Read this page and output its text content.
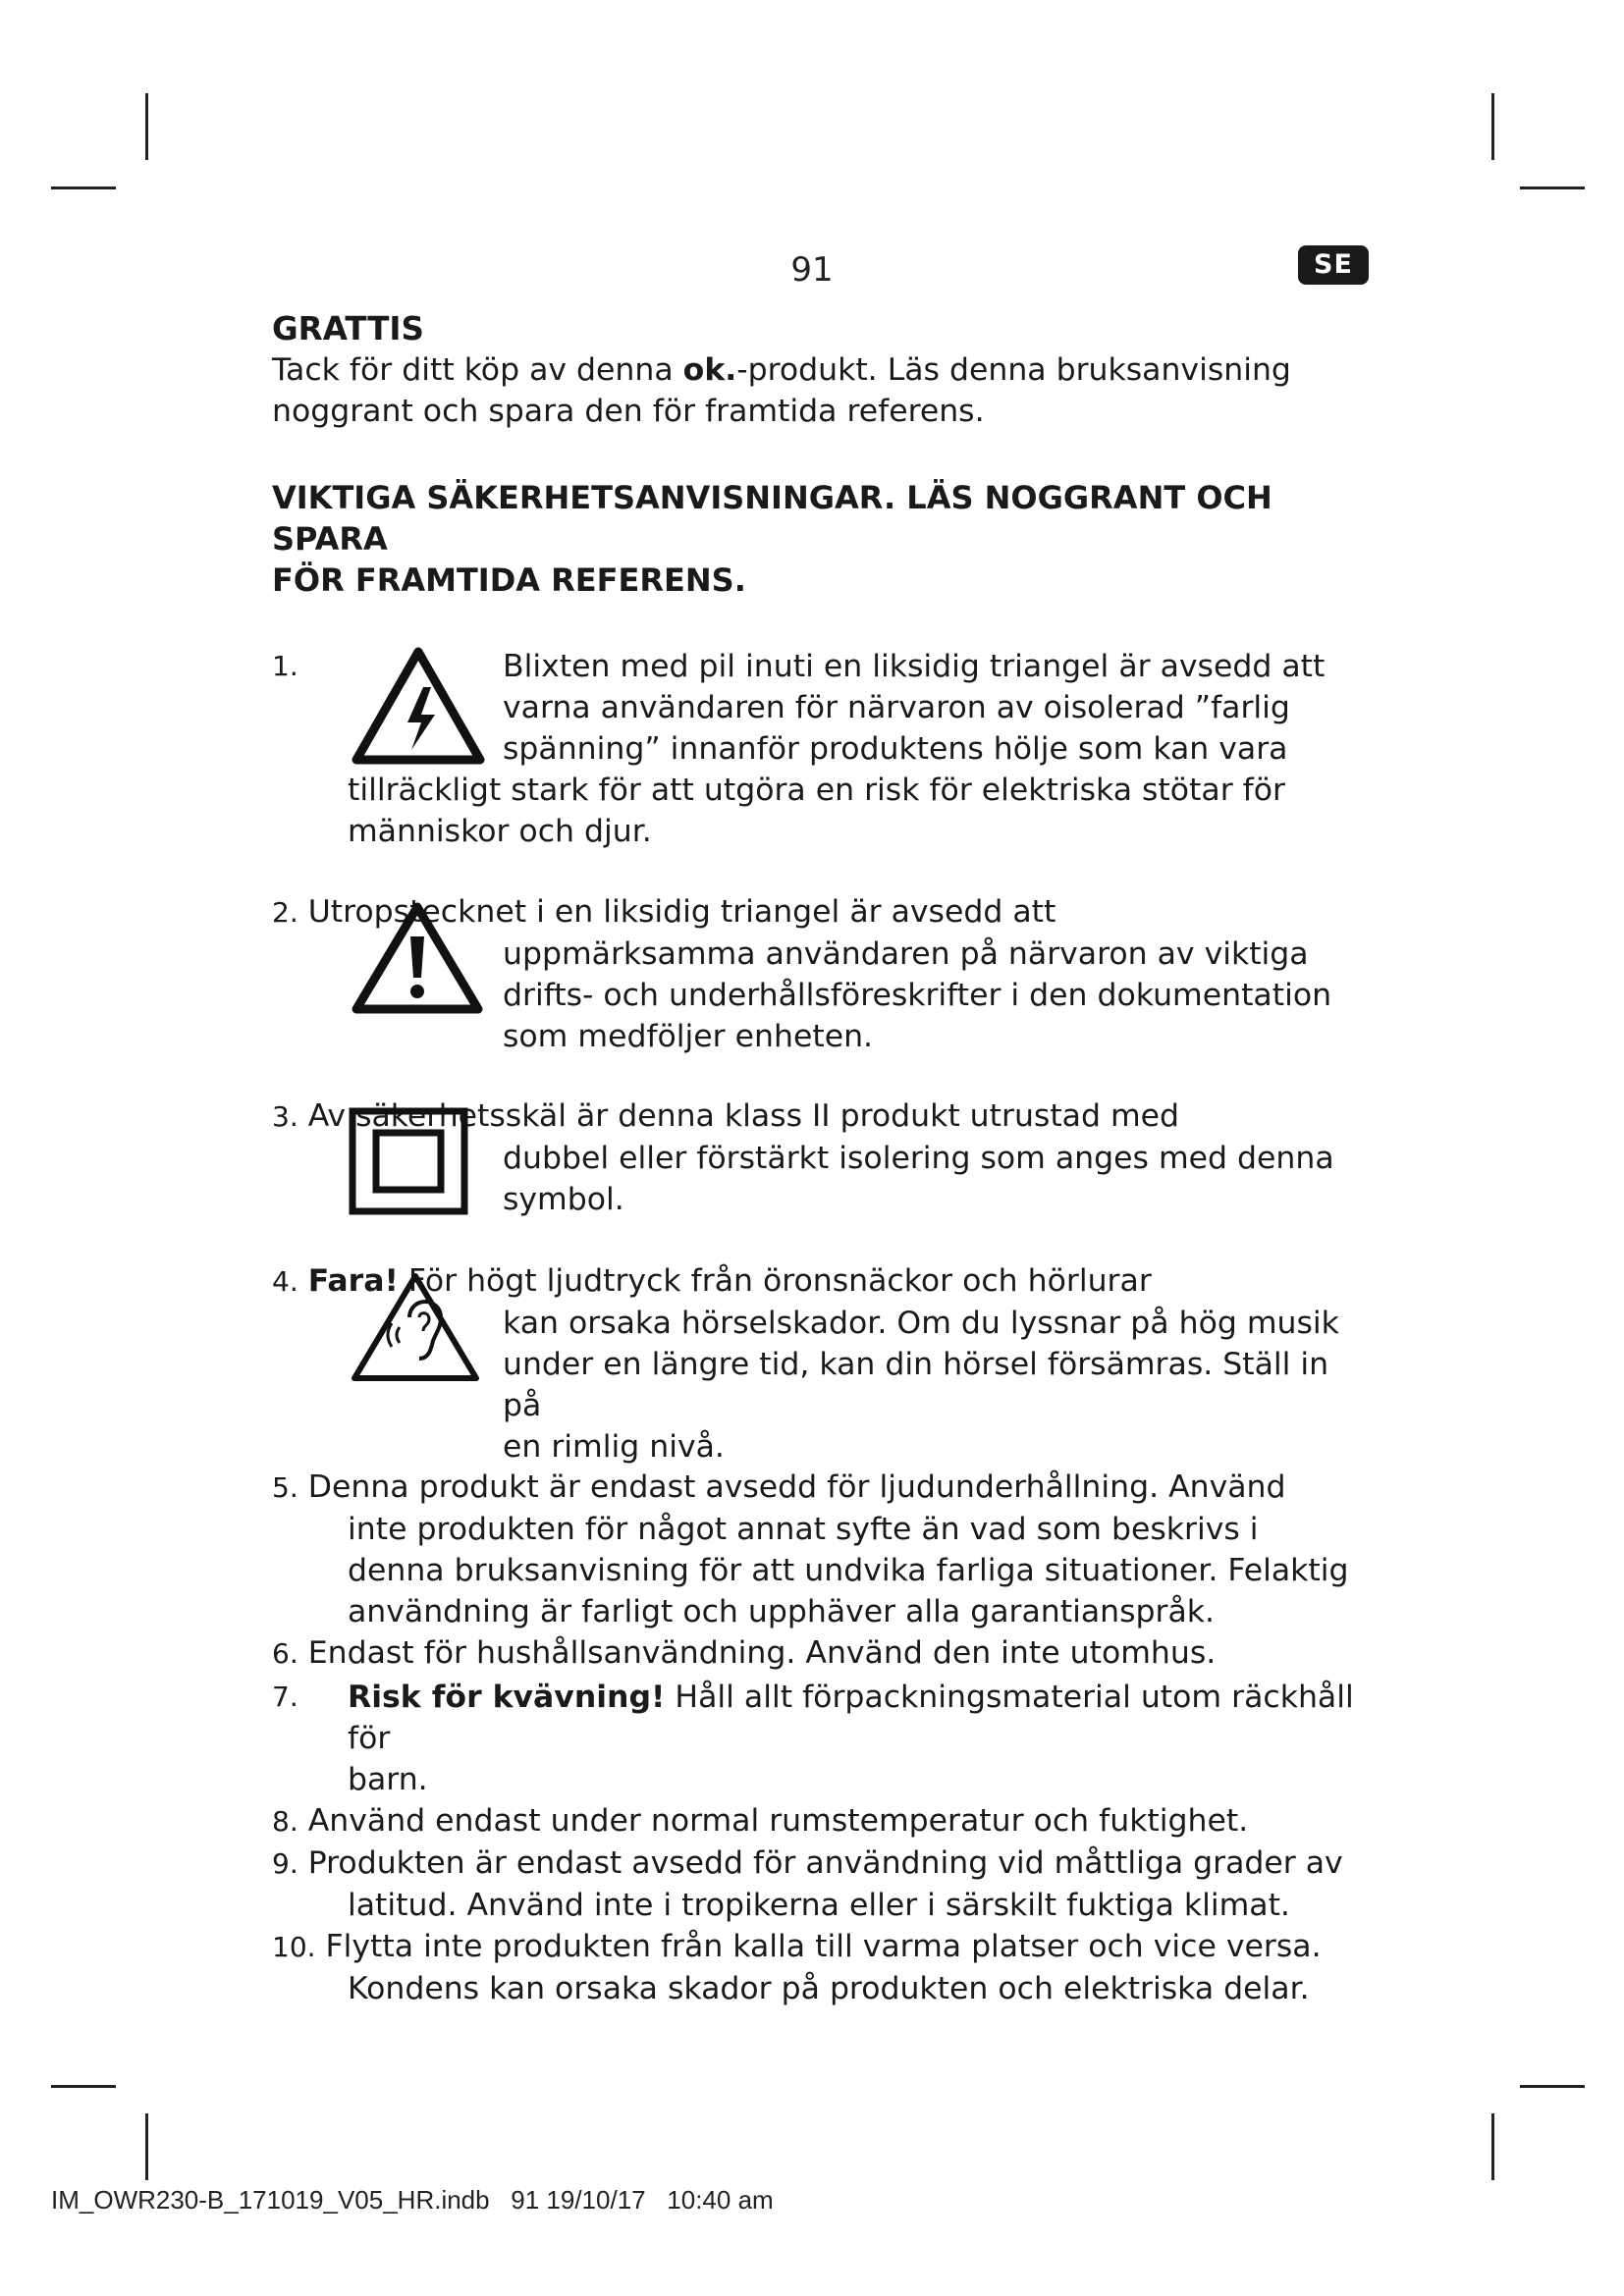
91	SE
GRATTIS

Tack för ditt köp av denna ok.-produkt. Läs denna bruksanvisning
noggrant och spara den för framtida referens.

VIKTIGA SÄKERHETSANVISNINGAR. LÄS NOGGRANT OCH SPARA
FÖR FRAMTIDA REFERENS.
1.	Blixten med pil inuti en liksidig triangel är avsedd att
varna användaren för närvaron av oisolerad ”farlig
spänning” innanför produktens hölje som kan vara
tillräckligt stark för att utgöra en risk för elektriska stötar för
människor och djur.
2. Utropstecknet i en liksidig triangel är avsedd att
uppmärksamma användaren på närvaron av viktiga
drifts- och underhållsföreskrifter i den dokumentation
som medföljer enheten.
3. Av säkerhetsskäl är denna klass II produkt utrustad med
dubbel eller förstärkt isolering som anges med denna
symbol.
4. Fara! För högt ljudtryck från öronsnäckor och hörlurar
kan orsaka hörselskador. Om du lyssnar på hög musik
under en längre tid, kan din hörsel försämras. Ställ in på
en rimlig nivå.
5. Denna produkt är endast avsedd för ljudunderhållning. Använd
inte produkten för något annat syfte än vad som beskrivs i
denna bruksanvisning för att undvika farliga situationer. Felaktig
användning är farligt och upphäver alla garantianspråk.
6. Endast för hushållsanvändning. Använd den inte utomhus.
7.	Risk för kvävning! Håll allt förpackningsmaterial utom räckhåll för
barn.
8. Använd endast under normal rumstemperatur och fuktighet.
9. Produkten är endast avsedd för användning vid måttliga grader av
latitud. Använd inte i tropikerna eller i särskilt fuktiga klimat.
10. Flytta inte produkten från kalla till varma platser och vice versa.
Kondens kan orsaka skador på produkten och elektriska delar.
IM_OWR230-B_171019_V05_HR.indb   91 19/10/17   10:40 am
